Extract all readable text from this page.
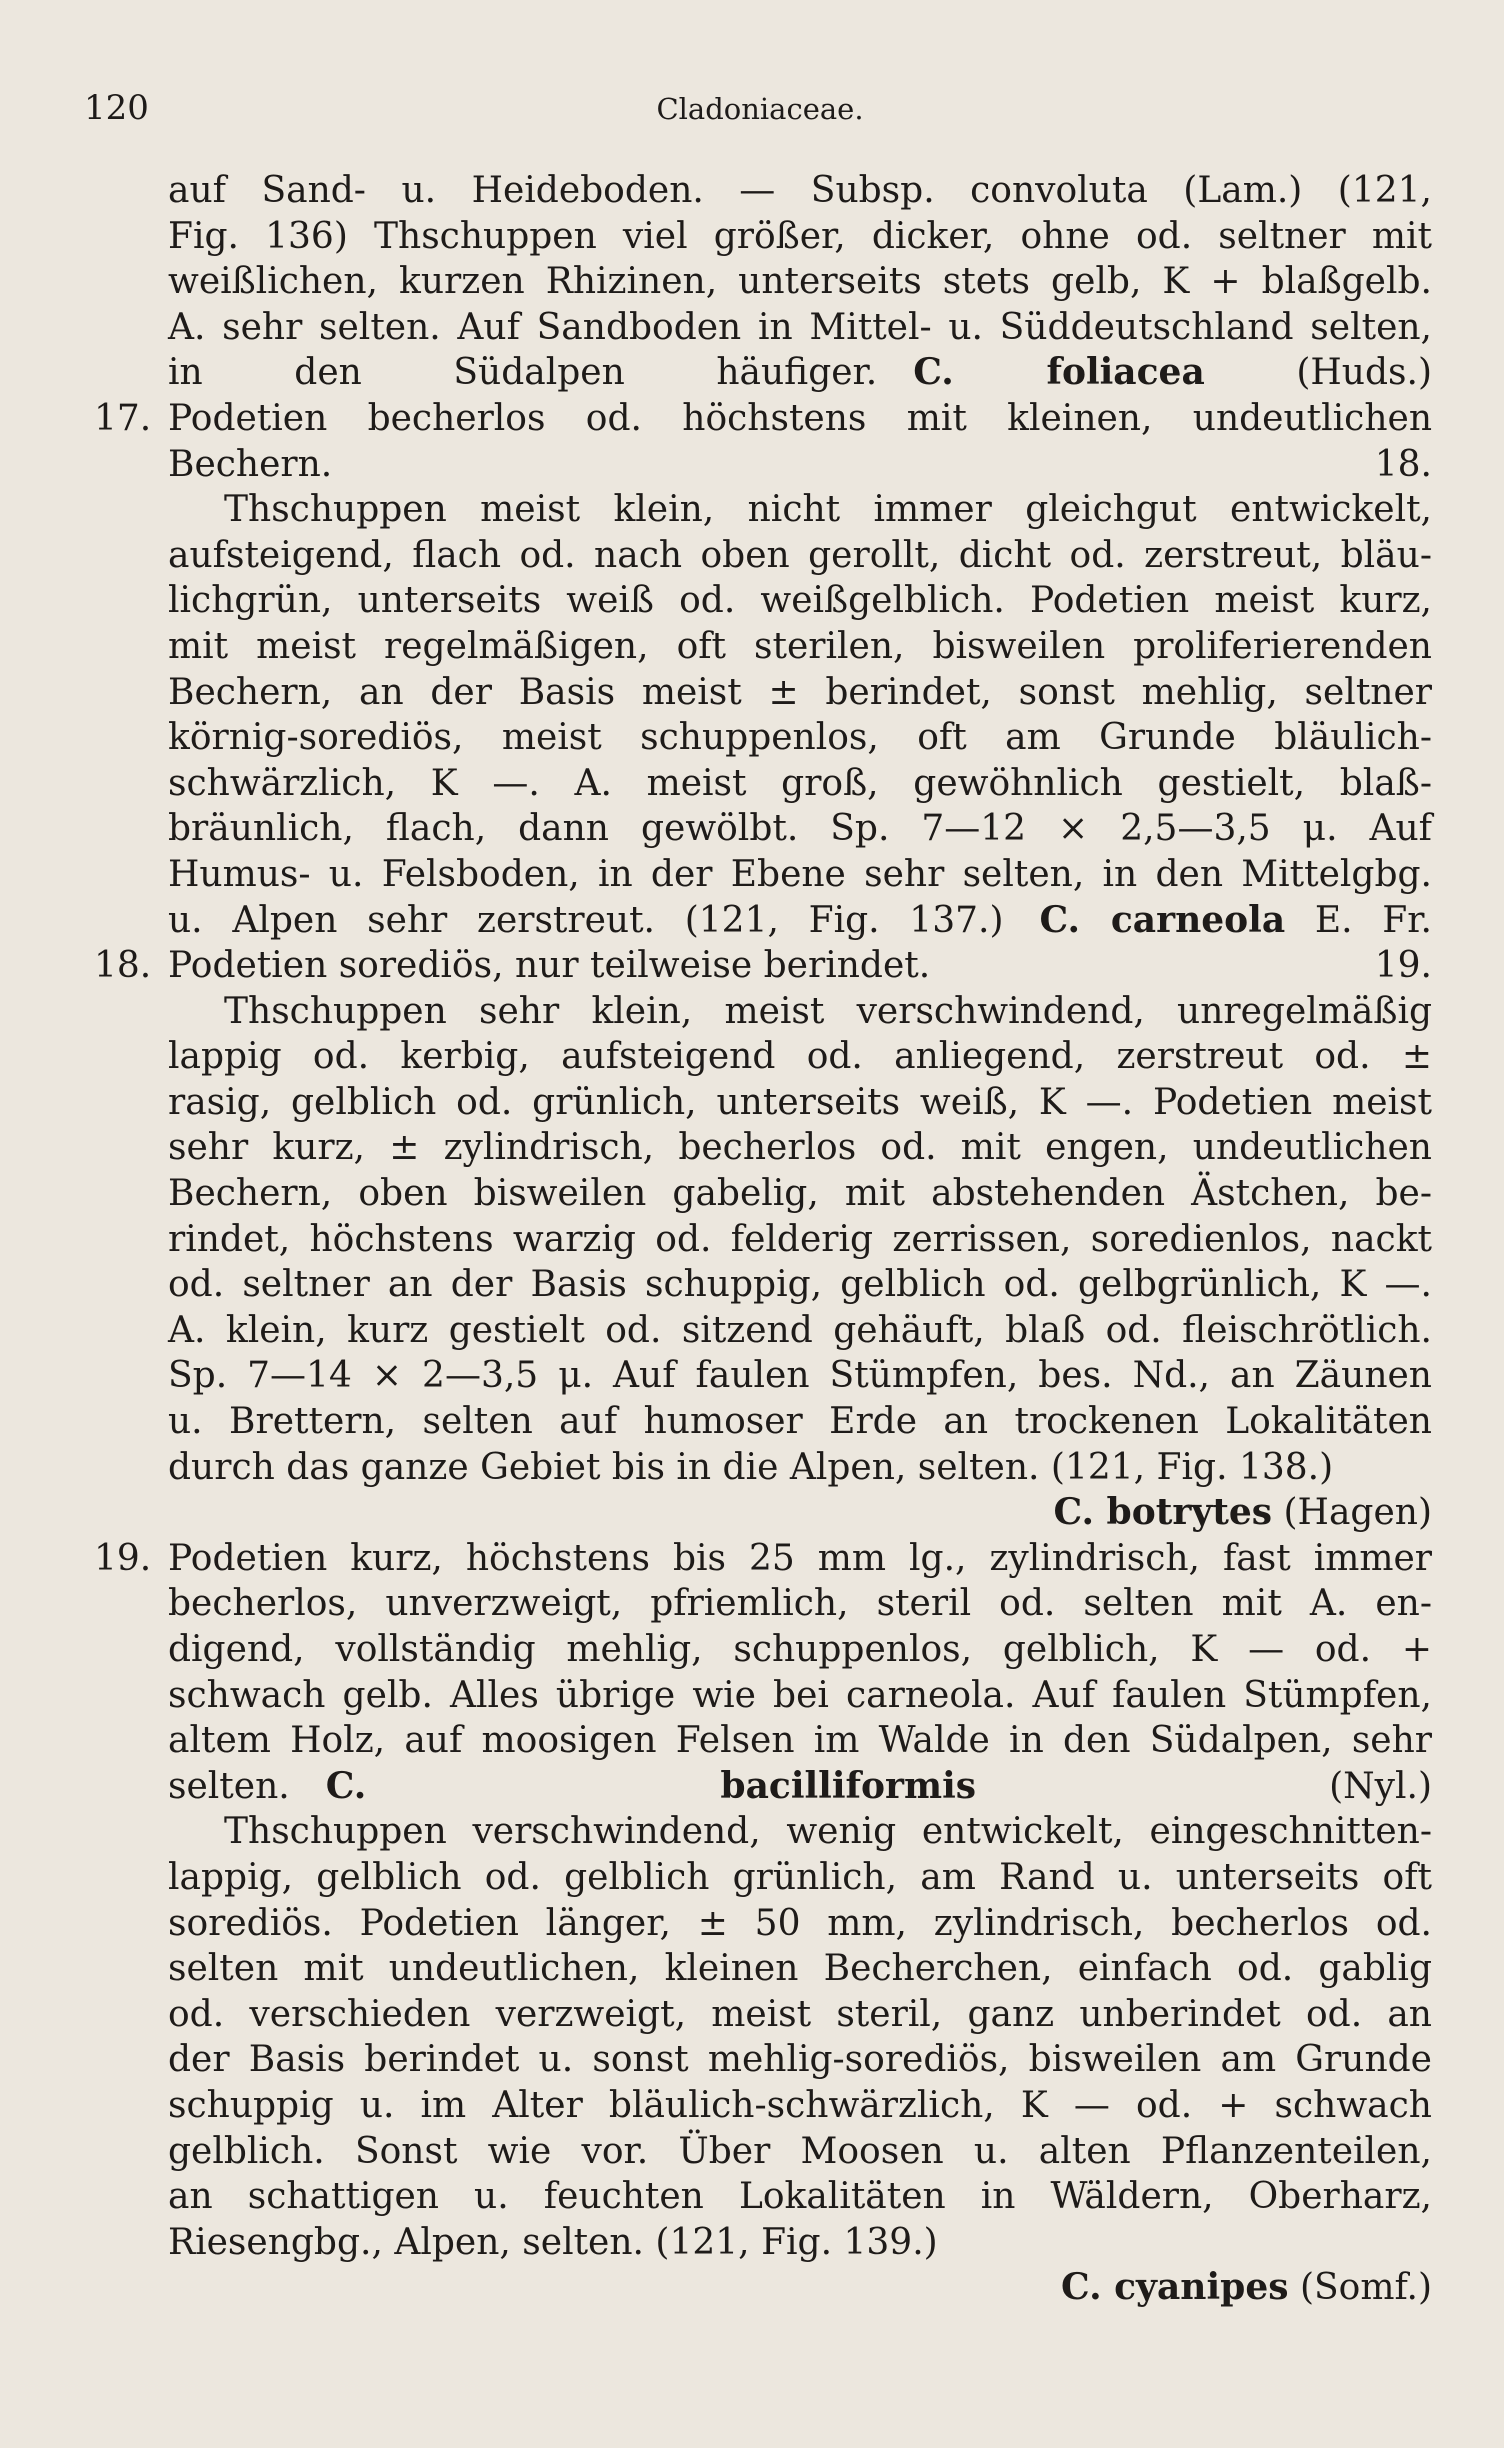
120	Cladoniaceae.
auf Sand- u. Heideboden. — Subsp. convoluta (Lam.) (121,
Fig. 136) Thschuppen viel größer, dicker, ohne od. seltner mit
weißlichen, kurzen Rhizinen, unterseits stets gelb, K + blaßgelb.
A. sehr selten. Auf Sandboden in Mittel- u. Süddeutschland selten,
in den Südalpen häufiger.  C. foliacea (Huds.)
17. Podetien becherlos od. höchstens mit kleinen, undeutlichen
Bechern.	18.
Thschuppen meist klein, nicht immer gleichgut entwickelt,
aufsteigend, flach od. nach oben gerollt, dicht od. zerstreut, bläu-
lichgrün, unterseits weiß od. weißgelblich. Podetien meist kurz,
mit meist regelmäßigen, oft sterilen, bisweilen proliferierenden
Bechern, an der Basis meist ± berindet, sonst mehlig, seltner
körnig-sorediös, meist schuppenlos, oft am Grunde bläulich-
schwärzlich, K —. A. meist groß, gewöhnlich gestielt, blaß-
bräunlich, flach, dann gewölbt. Sp. 7—12 × 2,5—3,5 μ. Auf
Humus- u. Felsboden, in der Ebene sehr selten, in den Mittelgbg.
u. Alpen sehr zerstreut. (121, Fig. 137.)  C. carneola E. Fr.
18. Podetien sorediös, nur teilweise berindet.	19.
Thschuppen sehr klein, meist verschwindend, unregelmäßig
lappig od. kerbig, aufsteigend od. anliegend, zerstreut od. ±
rasig, gelblich od. grünlich, unterseits weiß, K —. Podetien meist
sehr kurz, ± zylindrisch, becherlos od. mit engen, undeutlichen
Bechern, oben bisweilen gabelig, mit abstehenden Ästchen, be-
rindet, höchstens warzig od. felderig zerrissen, soredienlos, nackt
od. seltner an der Basis schuppig, gelblich od. gelbgrünlich, K —.
A. klein, kurz gestielt od. sitzend gehäuft, blaß od. fleischrötlich.
Sp. 7—14 × 2—3,5 μ. Auf faulen Stümpfen, bes. Nd., an Zäunen
u. Brettern, selten auf humoser Erde an trockenen Lokalitäten
durch das ganze Gebiet bis in die Alpen, selten. (121, Fig. 138.)
C. botrytes (Hagen)
19. Podetien kurz, höchstens bis 25 mm lg., zylindrisch, fast immer
becherlos, unverzweigt, pfriemlich, steril od. selten mit A. en-
digend, vollständig mehlig, schuppenlos, gelblich, K — od. +
schwach gelb. Alles übrige wie bei carneola. Auf faulen Stümpfen,
altem Holz, auf moosigen Felsen im Walde in den Südalpen, sehr
selten.  C. bacilliformis (Nyl.)
Thschuppen verschwindend, wenig entwickelt, eingeschnitten-
lappig, gelblich od. gelblich grünlich, am Rand u. unterseits oft
sorediös. Podetien länger, ± 50 mm, zylindrisch, becherlos od.
selten mit undeutlichen, kleinen Becherchen, einfach od. gablig
od. verschieden verzweigt, meist steril, ganz unberindet od. an
der Basis berindet u. sonst mehlig-sorediös, bisweilen am Grunde
schuppig u. im Alter bläulich-schwärzlich, K — od. + schwach
gelblich. Sonst wie vor. Über Moosen u. alten Pflanzenteilen,
an schattigen u. feuchten Lokalitäten in Wäldern, Oberharz,
Riesengbg., Alpen, selten. (121, Fig. 139.)
C. cyanipes (Somf.)
